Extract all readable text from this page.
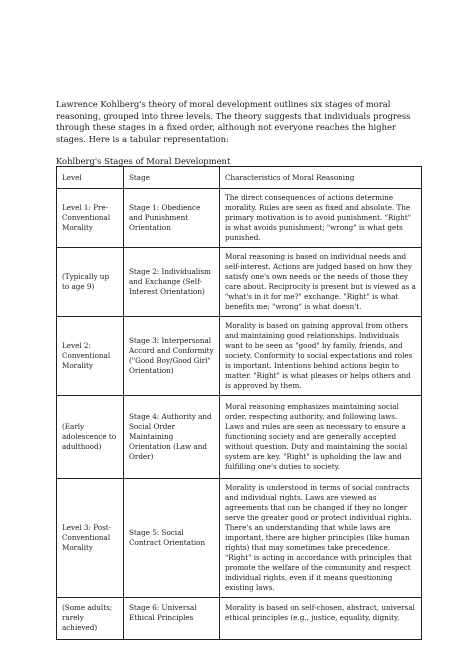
Lawrence Kohlberg's theory of moral development outlines six stages of moral reasoning, grouped into three levels. The theory suggests that individuals progress through these stages in a fixed order, although not everyone reaches the higher stages. Here is a tabular representation:

Kohlberg's Stages of Moral Development

Level	Stage	Characteristics of Moral Reasoning
Level 1: Pre-Conventional Morality	Stage 1: Obedience and Punishment Orientation	The direct consequences of actions determine morality. Rules are seen as fixed and absolute. The primary motivation is to avoid punishment. "Right" is what avoids punishment; "wrong" is what gets punished.
(Typically up to age 9)	Stage 2: Individualism and Exchange (Self-Interest Orientation)	Moral reasoning is based on individual needs and self-interest. Actions are judged based on how they satisfy one's own needs or the needs of those they care about. Reciprocity is present but is viewed as a "what's in it for me?" exchange. "Right" is what benefits me; "wrong" is what doesn't.
Level 2: Conventional Morality	Stage 3: Interpersonal Accord and Conformity ("Good Boy/Good Girl" Orientation)	Morality is based on gaining approval from others and maintaining good relationships. Individuals want to be seen as "good" by family, friends, and society. Conformity to social expectations and roles is important. Intentions behind actions begin to matter. "Right" is what pleases or helps others and is approved by them.
(Early adolescence to adulthood)	Stage 4: Authority and Social Order Maintaining Orientation (Law and Order)	Moral reasoning emphasizes maintaining social order, respecting authority, and following laws. Laws and rules are seen as necessary to ensure a functioning society and are generally accepted without question. Duty and maintaining the social system are key. "Right" is upholding the law and fulfilling one's duties to society.
Level 3: Post-Conventional Morality	Stage 5: Social Contract Orientation	Morality is understood in terms of social contracts and individual rights. Laws are viewed as agreements that can be changed if they no longer serve the greater good or protect individual rights. There's an understanding that while laws are important, there are higher principles (like human rights) that may sometimes take precedence. "Right" is acting in accordance with principles that promote the welfare of the community and respect individual rights, even if it means questioning existing laws.
(Some adults; rarely achieved)	Stage 6: Universal Ethical Principles	Morality is based on self-chosen, abstract, universal ethical principles (e.g., justice, equality, dignity,
